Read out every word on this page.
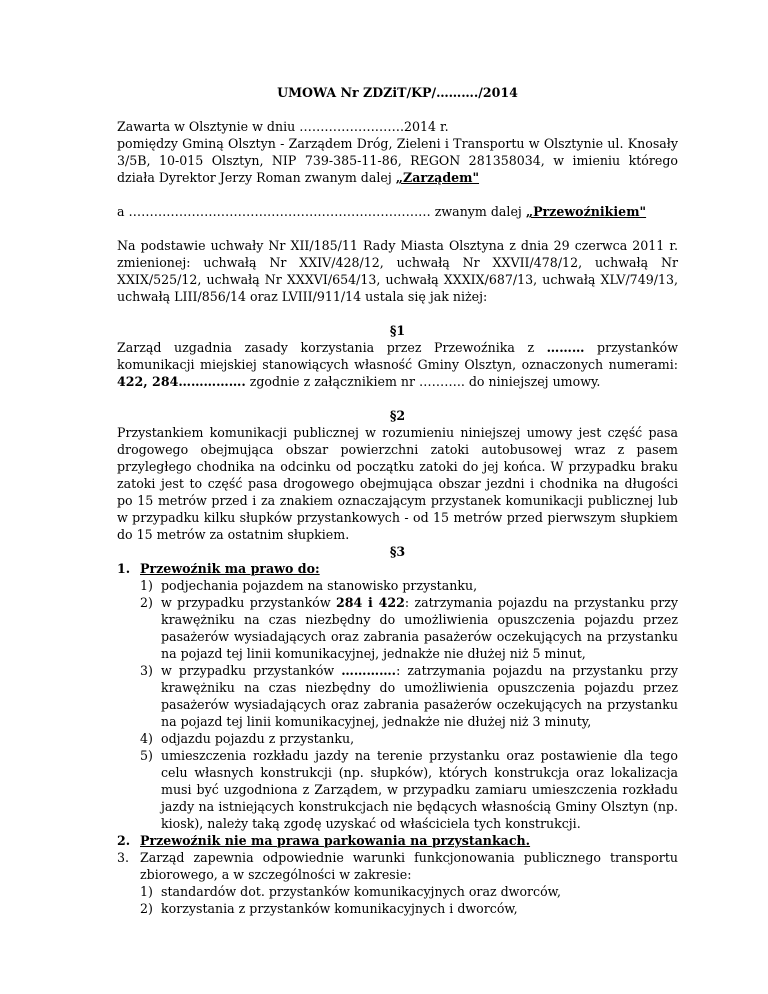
UMOWA Nr ZDZiT/KP/………./2014

Zawarta w Olsztynie w dniu …………………….2014 r.

pomiędzy Gminą Olsztyn - Zarządem Dróg, Zieleni i Transportu w Olsztynie ul. Knosały 3/5B, 10-015 Olsztyn, NIP 739-385-11-86, REGON 281358034, w imieniu którego działa Dyrektor Jerzy Roman zwanym dalej „Zarządem"

a ……………………………………………………………… zwanym dalej „Przewoźnikiem"

Na podstawie uchwały Nr XII/185/11 Rady Miasta Olsztyna z dnia 29 czerwca 2011 r. zmienionej: uchwałą Nr XXIV/428/12, uchwałą Nr XXVII/478/12, uchwałą Nr XXIX/525/12, uchwałą Nr XXXVI/654/13, uchwałą XXXIX/687/13, uchwałą XLV/749/13, uchwałą LIII/856/14 oraz LVIII/911/14 ustala się jak niżej:

§1

Zarząd uzgadnia zasady korzystania przez Przewoźnika z ……… przystanków komunikacji miejskiej stanowiących własność Gminy Olsztyn, oznaczonych numerami: 422, 284……………. zgodnie z załącznikiem nr ……….. do niniejszej umowy.

§2

Przystankiem komunikacji publicznej w rozumieniu niniejszej umowy jest część pasa drogowego obejmująca obszar powierzchni zatoki autobusowej wraz z pasem przyległego chodnika na odcinku od początku zatoki do jej końca. W przypadku braku zatoki jest to część pasa drogowego obejmująca obszar jezdni i chodnika na długości po 15 metrów przed i za znakiem oznaczającym przystanek komunikacji publicznej lub w przypadku kilku słupków przystankowych - od 15 metrów przed pierwszym słupkiem do 15 metrów za ostatnim słupkiem.

§3

1. Przewoźnik ma prawo do:
1) podjechania pojazdem na stanowisko przystanku,
2) w przypadku przystanków 284 i 422: zatrzymania pojazdu na przystanku przy krawężniku na czas niezbędny do umożliwienia opuszczenia pojazdu przez pasażerów wysiadających oraz zabrania pasażerów oczekujących na przystanku na pojazd tej linii komunikacyjnej, jednakże nie dłużej niż 5 minut,
3) w przypadku przystanków ………….: zatrzymania pojazdu na przystanku przy krawężniku na czas niezbędny do umożliwienia opuszczenia pojazdu przez pasażerów wysiadających oraz zabrania pasażerów oczekujących na przystanku na pojazd tej linii komunikacyjnej, jednakże nie dłużej niż 3 minuty,
4) odjazdu pojazdu z przystanku,
5) umieszczenia rozkładu jazdy na terenie przystanku oraz postawienie dla tego celu własnych konstrukcji (np. słupków), których konstrukcja oraz lokalizacja musi być uzgodniona z Zarządem, w przypadku zamiaru umieszczenia rozkładu jazdy na istniejących konstrukcjach nie będących własnością Gminy Olsztyn (np. kiosk), należy taką zgodę uzyskać od właściciela tych konstrukcji.
2. Przewoźnik nie ma prawa parkowania na przystankach.
3. Zarząd zapewnia odpowiednie warunki funkcjonowania publicznego transportu zbiorowego, a w szczególności w zakresie:
1) standardów dot. przystanków komunikacyjnych oraz dworców,
2) korzystania z przystanków komunikacyjnych i dworców,
